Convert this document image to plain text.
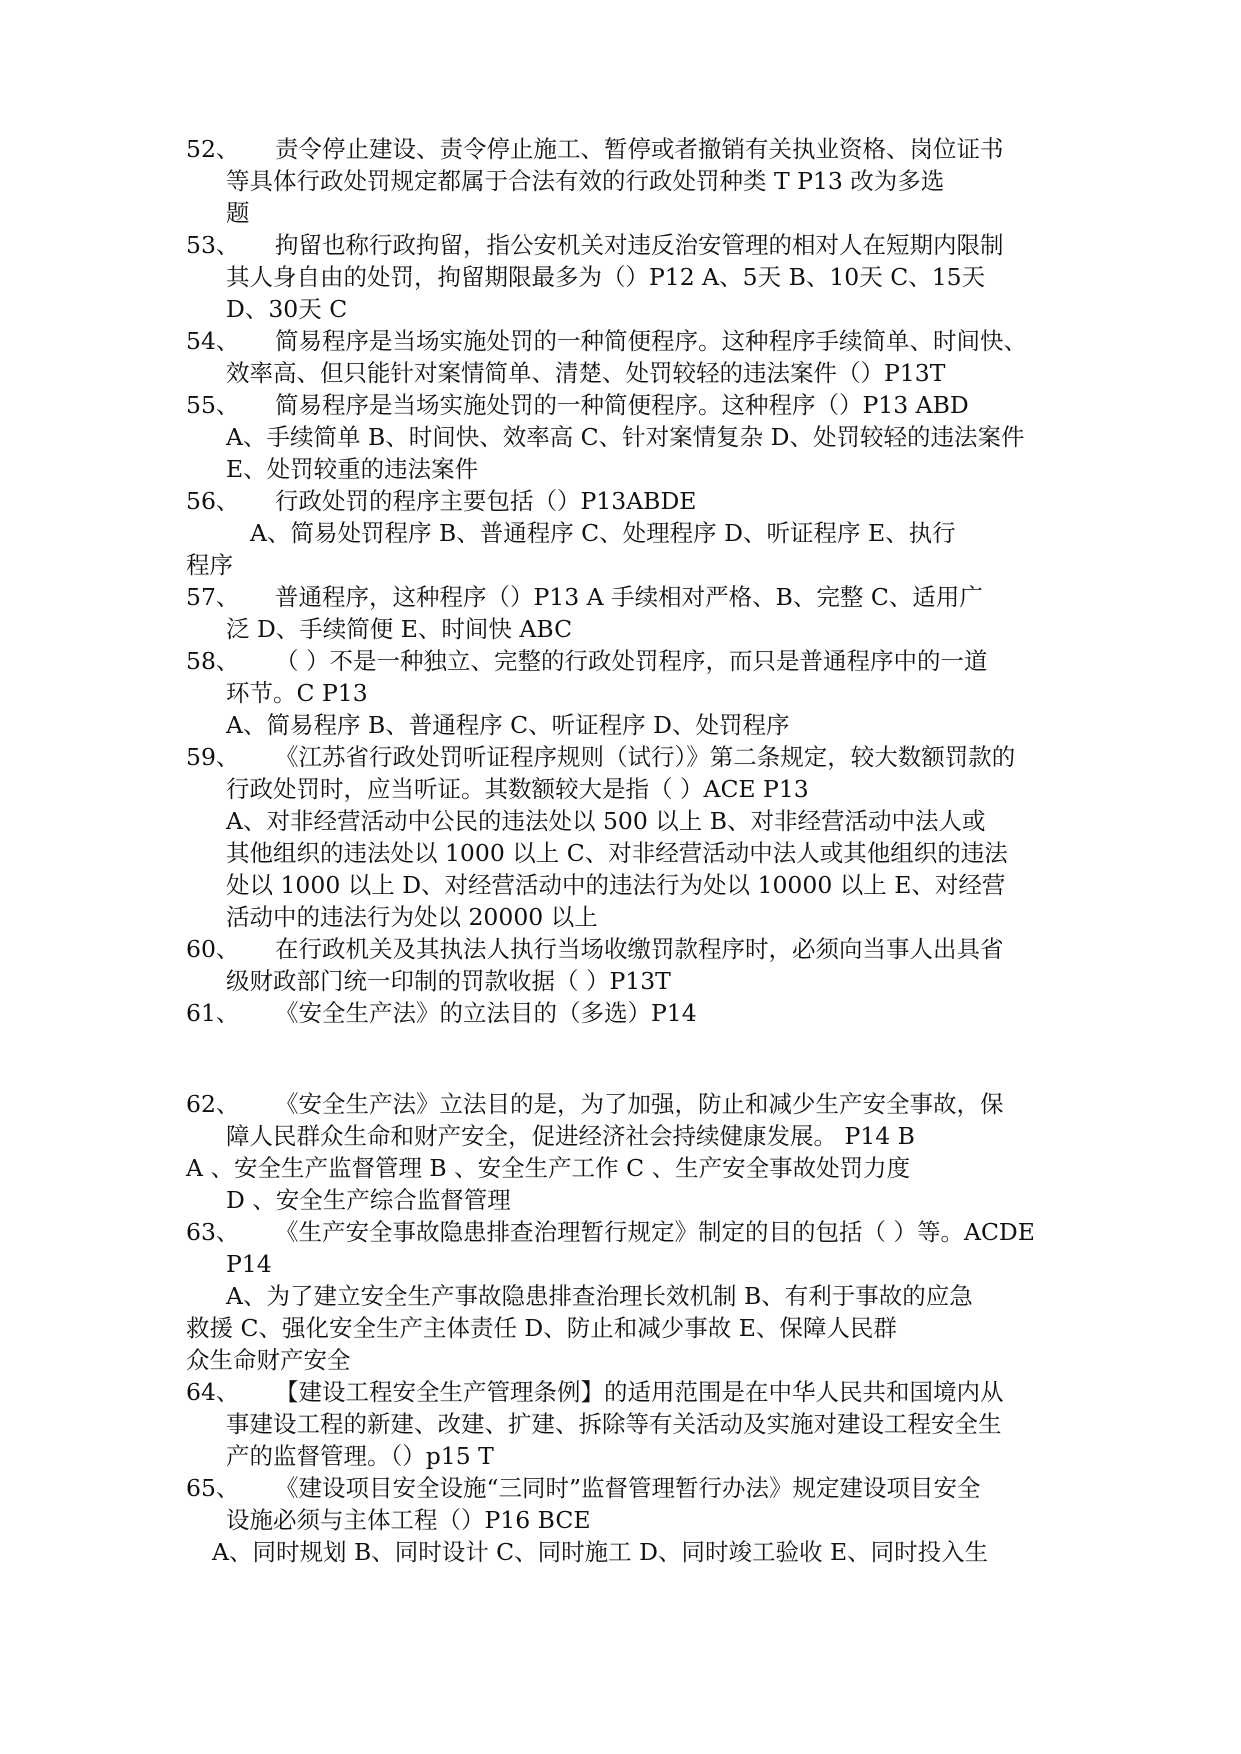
52、 责令停止建设、责令停止施工、暂停或者撤销有关执业资格、岗位证书
等具体行政处罚规定都属于合法有效的行政处罚种类 T P13 改为多选
题
53、 拘留也称行政拘留，指公安机关对违反治安管理的相对人在短期内限制
其人身自由的处罚，拘留期限最多为（）P12 A、5天 B、10天 C、15天
D、30天 C
54、 简易程序是当场实施处罚的一种简便程序。这种程序手续简单、时间快、
效率高、但只能针对案情简单、清楚、处罚较轻的违法案件（）P13T
55、 简易程序是当场实施处罚的一种简便程序。这种程序（）P13 ABD
A、手续简单 B、时间快、效率高 C、针对案情复杂 D、处罚较轻的违法案件
E、处罚较重的违法案件
56、 行政处罚的程序主要包括（）P13ABDE
A、简易处罚程序 B、普通程序 C、处理程序 D、听证程序 E、执行
程序
57、 普通程序，这种程序（）P13 A 手续相对严格、B、完整 C、适用广
泛 D、手续简便 E、时间快 ABC
58、 （ ）不是一种独立、完整的行政处罚程序，而只是普通程序中的一道
环节。C P13
A、简易程序 B、普通程序 C、听证程序 D、处罚程序
59、 《江苏省行政处罚听证程序规则（试行）》第二条规定，较大数额罚款的
行政处罚时，应当听证。其数额较大是指（ ）ACE P13
A、对非经营活动中公民的违法处以 500 以上 B、对非经营活动中法人或
其他组织的违法处以 1000 以上 C、对非经营活动中法人或其他组织的违法
处以 1000 以上 D、对经营活动中的违法行为处以 10000 以上 E、对经营
活动中的违法行为处以 20000 以上
60、 在行政机关及其执法人执行当场收缴罚款程序时，必须向当事人出具省
级财政部门统一印制的罚款收据（ ）P13T
61、 《安全生产法》的立法目的（多选）P14
62、 《安全生产法》立法目的是，为了加强，防止和减少生产安全事故，保
障人民群众生命和财产安全，促进经济社会持续健康发展。 P14 B
A 、安全生产监督管理 B 、安全生产工作 C 、生产安全事故处罚力度
D 、安全生产综合监督管理
63、 《生产安全事故隐患排查治理暂行规定》制定的目的包括（ ）等。ACDE
P14
A、为了建立安全生产事故隐患排查治理长效机制 B、有利于事故的应急
救援 C、强化安全生产主体责任 D、防止和减少事故 E、保障人民群
众生命财产安全
64、 【建设工程安全生产管理条例】的适用范围是在中华人民共和国境内从
事建设工程的新建、改建、扩建、拆除等有关活动及实施对建设工程安全生
产的监督管理。（）p15 T
65、 《建设项目安全设施“三同时”监督管理暂行办法》规定建设项目安全
设施必须与主体工程（）P16 BCE
A、同时规划 B、同时设计 C、同时施工 D、同时竣工验收 E、同时投入生
